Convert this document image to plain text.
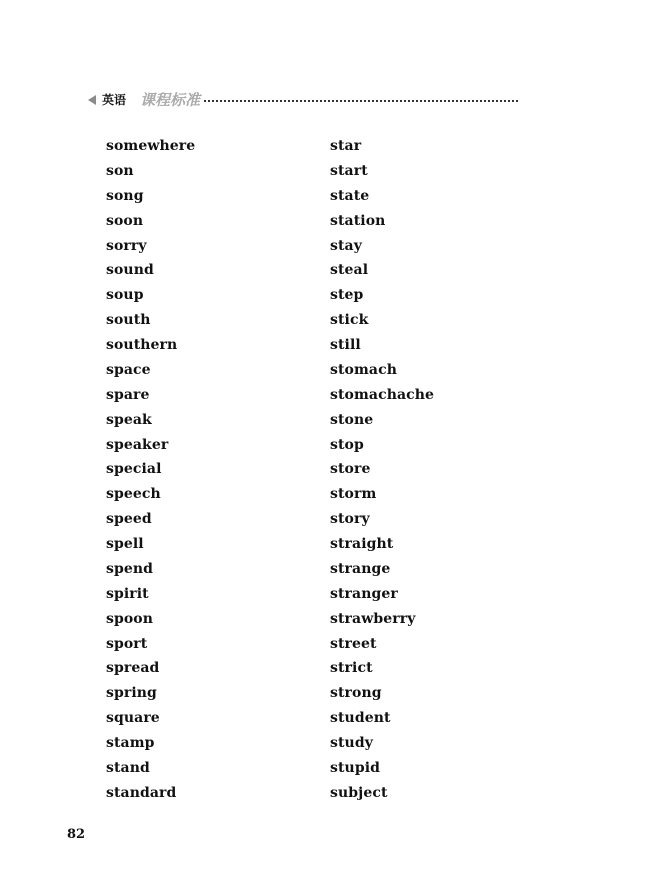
英语 课程标准
somewhere
son
song
soon
sorry
sound
soup
south
southern
space
spare
speak
speaker
special
speech
speed
spell
spend
spirit
spoon
sport
spread
spring
square
stamp
stand
standard
star
start
state
station
stay
steal
step
stick
still
stomach
stomachache
stone
stop
store
storm
story
straight
strange
stranger
strawberry
street
strict
strong
student
study
stupid
subject
82
